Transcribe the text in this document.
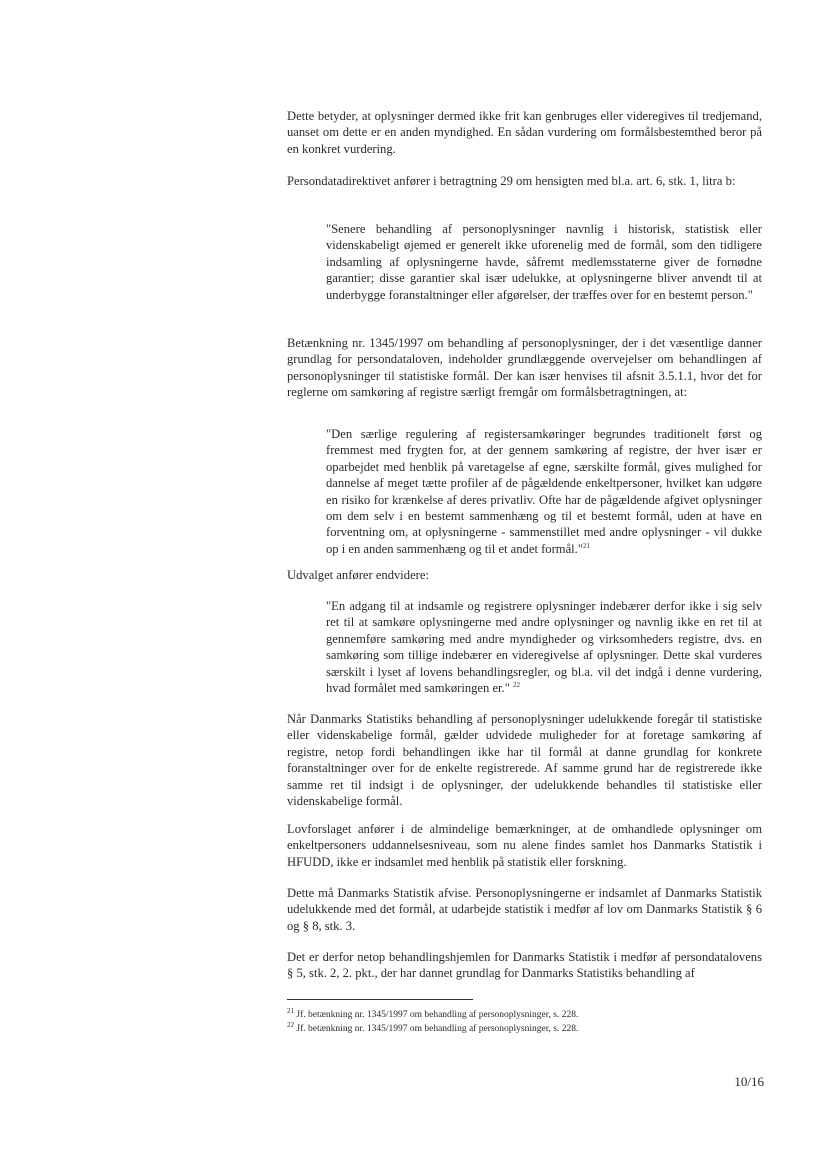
Dette betyder, at oplysninger dermed ikke frit kan genbruges eller videregives til tredjemand, uanset om dette er en anden myndighed. En sådan vurdering om formålsbestemthed beror på en konkret vurdering.

Persondatadirektivet anfører i betragtning 29 om hensigten med bl.a. art. 6, stk. 1, litra b:

"Senere behandling af personoplysninger navnlig i historisk, statistisk eller videnskabeligt øjemed er generelt ikke uforenelig med de formål, som den tidligere indsamling af oplysningerne havde, såfremt medlemsstaterne giver de fornødne garantier; disse garantier skal især udelukke, at oplysningerne bliver anvendt til at underbygge foranstaltninger eller afgørelser, der træffes over for en bestemt person."

Betænkning nr. 1345/1997 om behandling af personoplysninger, der i det væsentlige danner grundlag for persondataloven, indeholder grundlæggende overvejelser om behandlingen af personoplysninger til statistiske formål. Der kan især henvises til afsnit 3.5.1.1, hvor det for reglerne om samkøring af registre særligt fremgår om formålsbetragtningen, at:

"Den særlige regulering af registersamkøringer begrundes traditionelt først og fremmest med frygten for, at der gennem samkøring af registre, der hver især er oparbejdet med henblik på varetagelse af egne, særskilte formål, gives mulighed for dannelse af meget tætte profiler af de pågældende enkeltpersoner, hvilket kan udgøre en risiko for krænkelse af deres privatliv. Ofte har de pågældende afgivet oplysninger om dem selv i en bestemt sammenhæng og til et bestemt formål, uden at have en forventning om, at oplysningerne - sammenstillet med andre oplysninger - vil dukke op i en anden sammenhæng og til et andet formål."$^{21}$

Udvalget anfører endvidere:

"En adgang til at indsamle og registrere oplysninger indebærer derfor ikke i sig selv ret til at samkøre oplysningerne med andre oplysninger og navnlig ikke en ret til at gennemføre samkøring med andre myndigheder og virksomheders registre, dvs. en samkøring som tillige indebærer en videregivelse af oplysninger. Dette skal vurderes særskilt i lyset af lovens behandlingsregler, og bl.a. vil det indgå i denne vurdering, hvad formålet med samkøringen er." $^{22}$

Når Danmarks Statistiks behandling af personoplysninger udelukkende foregår til statistiske eller videnskabelige formål, gælder udvidede muligheder for at foretage samkøring af registre, netop fordi behandlingen ikke har til formål at danne grundlag for konkrete foranstaltninger over for de enkelte registrerede. Af samme grund har de registrerede ikke samme ret til indsigt i de oplysninger, der udelukkende behandles til statistiske eller videnskabelige formål.

Lovforslaget anfører i de almindelige bemærkninger, at de omhandlede oplysninger om enkeltpersoners uddannelsesniveau, som nu alene findes samlet hos Danmarks Statistik i HFUDD, ikke er indsamlet med henblik på statistik eller forskning.

Dette må Danmarks Statistik afvise. Personoplysningerne er indsamlet af Danmarks Statistik udelukkende med det formål, at udarbejde statistik i medfør af lov om Danmarks Statistik § 6 og § 8, stk. 3.

Det er derfor netop behandlingshjemlen for Danmarks Statistik i medfør af persondatalovens § 5, stk. 2, 2. pkt., der har dannet grundlag for Danmarks Statistiks behandling af

$^{21}$ Jf. betænkning nr. 1345/1997 om behandling af personoplysninger, s. 228.

$^{22}$ Jf. betænkning nr. 1345/1997 om behandling af personoplysninger, s. 228.

10/16
